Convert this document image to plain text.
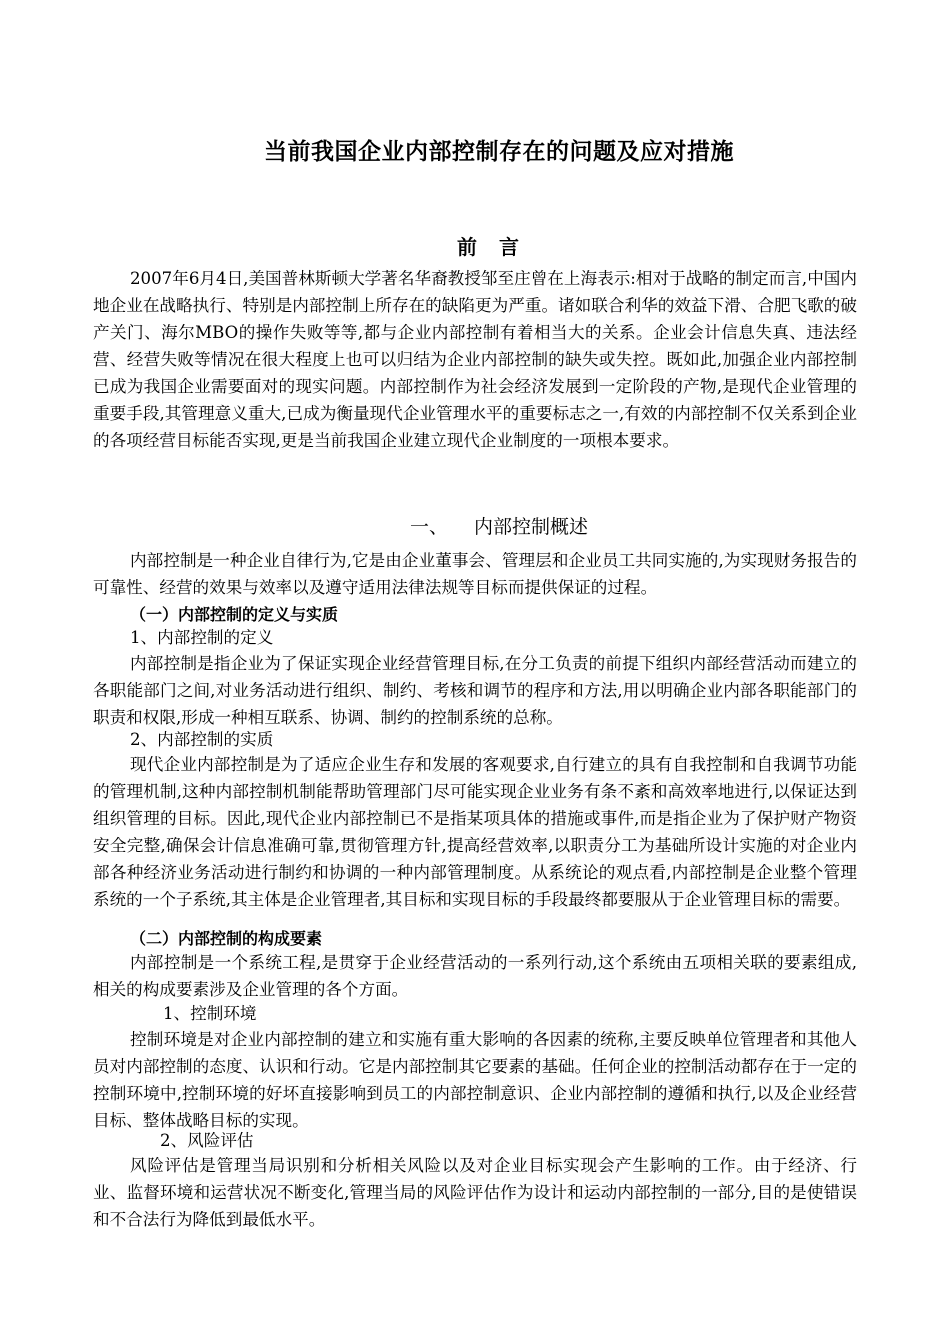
当前我国企业内部控制存在的问题及应对措施
前言

2007年6月4日,美国普林斯顿大学著名华裔教授邹至庄曾在上海表示:相对于战略的制定而言,中国内地企业在战略执行、特别是内部控制上所存在的缺陷更为严重。诸如联合利华的效益下滑、合肥飞歌的破产关门、海尔MBO的操作失败等等,都与企业内部控制有着相当大的关系。企业会计信息失真、违法经营、经营失败等情况在很大程度上也可以归结为企业内部控制的缺失或失控。既如此,加强企业内部控制已成为我国企业需要面对的现实问题。内部控制作为社会经济发展到一定阶段的产物,是现代企业管理的重要手段,其管理意义重大,已成为衡量现代企业管理水平的重要标志之一,有效的内部控制不仅关系到企业的各项经营目标能否实现,更是当前我国企业建立现代企业制度的一项根本要求。

一、 内部控制概述

内部控制是一种企业自律行为,它是由企业董事会、管理层和企业员工共同实施的,为实现财务报告的可靠性、经营的效果与效率以及遵守适用法律法规等目标而提供保证的过程。

（一）内部控制的定义与实质

1、内部控制的定义

内部控制是指企业为了保证实现企业经营管理目标,在分工负责的前提下组织内部经营活动而建立的各职能部门之间,对业务活动进行组织、制约、考核和调节的程序和方法,用以明确企业内部各职能部门的职责和权限,形成一种相互联系、协调、制约的控制系统的总称。

2、内部控制的实质

现代企业内部控制是为了适应企业生存和发展的客观要求,自行建立的具有自我控制和自我调节功能的管理机制,这种内部控制机制能帮助管理部门尽可能实现企业业务有条不紊和高效率地进行,以保证达到组织管理的目标。因此,现代企业内部控制已不是指某项具体的措施或事件,而是指企业为了保护财产物资安全完整,确保会计信息准确可靠,贯彻管理方针,提高经营效率,以职责分工为基础所设计实施的对企业内部各种经济业务活动进行制约和协调的一种内部管理制度。从系统论的观点看,内部控制是企业整个管理系统的一个子系统,其主体是企业管理者,其目标和实现目标的手段最终都要服从于企业管理目标的需要。

（二）内部控制的构成要素

内部控制是一个系统工程,是贯穿于企业经营活动的一系列行动,这个系统由五项相关联的要素组成,相关的构成要素涉及企业管理的各个方面。

1、控制环境

控制环境是对企业内部控制的建立和实施有重大影响的各因素的统称,主要反映单位管理者和其他人员对内部控制的态度、认识和行动。它是内部控制其它要素的基础。任何企业的控制活动都存在于一定的控制环境中,控制环境的好坏直接影响到员工的内部控制意识、企业内部控制的遵循和执行,以及企业经营目标、整体战略目标的实现。

2、风险评估

风险评估是管理当局识别和分析相关风险以及对企业目标实现会产生影响的工作。由于经济、行业、监督环境和运营状况不断变化,管理当局的风险评估作为设计和运动内部控制的一部分,目的是使错误和不合法行为降低到最低水平。
